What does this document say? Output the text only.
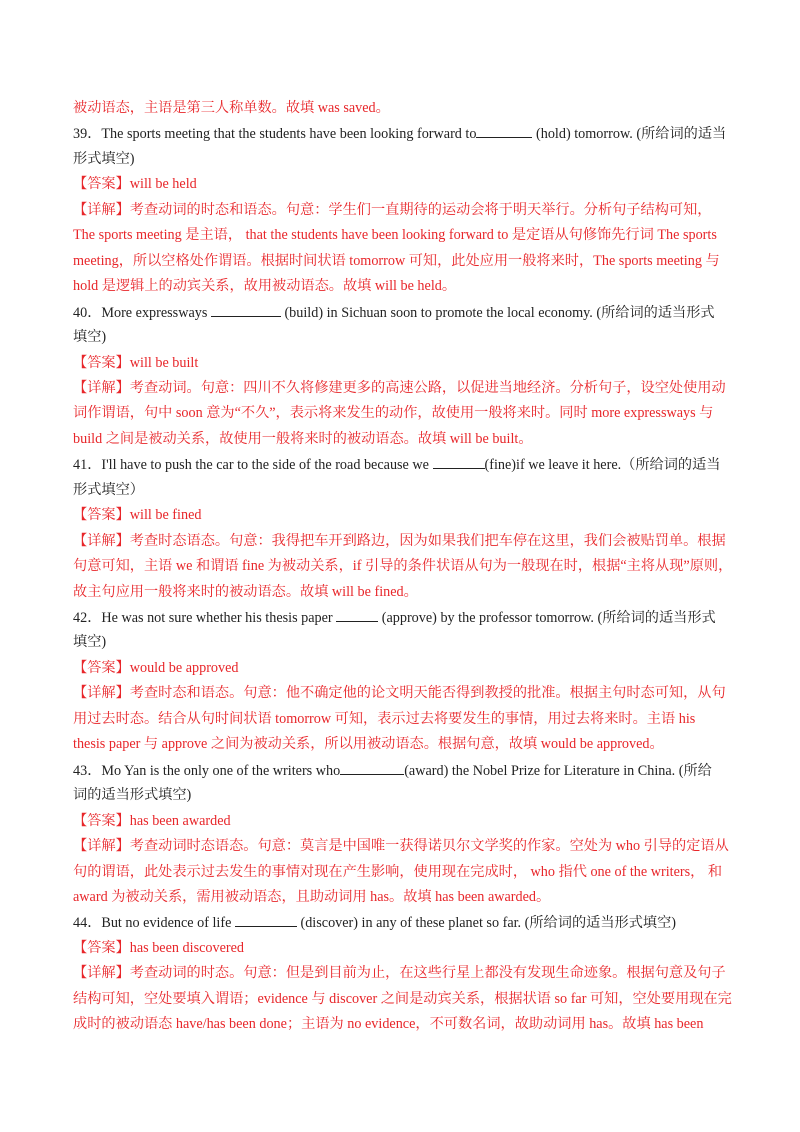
被动语态，主语是第三人称单数。故填 was saved。
39．The sports meeting that the students have been looking forward to	(hold) tomorrow. (所给词的适当
形式填空)
【答案】will be held
【详解】考查动词的时态和语态。句意：学生们一直期待的运动会将于明天举行。分析句子结构可知，
The sports meeting 是主语， that the students have been looking forward to 是定语从句修饰先行词 The sports
meeting，所以空格处作谓语。根据时间状语 tomorrow 可知，此处应用一般将来时，The sports meeting 与
hold 是逻辑上的动宾关系，故用被动语态。故填 will be held。
40．More expressways	(build) in Sichuan soon to promote the local economy. (所给词的适当形式
填空)
【答案】will be built
【详解】考查动词。句意：四川不久将修建更多的高速公路，以促进当地经济。分析句子，设空处使用动
词作谓语，句中 soon 意为“不久”，表示将来发生的动作，故使用一般将来时。同时 more expressways 与
build 之间是被动关系，故使用一般将来时的被动语态。故填 will be built。
41．I'll have to push the car to the side of the road because we	(fine)if we leave it here.（所给词的适当
形式填空）
【答案】will be fined
【详解】考查时态语态。句意：我得把车开到路边，因为如果我们把车停在这里，我们会被贴罚单。根据
句意可知，主语 we 和谓语 fine 为被动关系，if 引导的条件状语从句为一般现在时，根据“主将从现”原则，
故主句应用一般将来时的被动语态。故填 will be fined。
42．He was not sure whether his thesis paper	(approve) by the professor tomorrow. (所给词的适当形式
填空)
【答案】would be approved
【详解】考查时态和语态。句意：他不确定他的论文明天能否得到教授的批准。根据主句时态可知，从句
用过去时态。结合从句时间状语 tomorrow 可知，表示过去将要发生的事情，用过去将来时。主语 his
thesis paper 与 approve 之间为被动关系，所以用被动语态。根据句意，故填 would be approved。
43．Mo Yan is the only one of the writers who	(award) the Nobel Prize for Literature in China. (所给
词的适当形式填空)
【答案】has been awarded
【详解】考查动词时态语态。句意：莫言是中国唯一获得诺贝尔文学奖的作家。空处为 who 引导的定语从
句的谓语，此处表示过去发生的事情对现在产生影响，使用现在完成时， who 指代 one of the writers， 和
award 为被动关系，需用被动语态，且助动词用 has。故填 has been awarded。
44．But no evidence of life	(discover) in any of these planet so far. (所给词的适当形式填空)
【答案】has been discovered
【详解】考查动词的时态。句意：但是到目前为止，在这些行星上都没有发现生命迹象。根据句意及句子
结构可知，空处要填入谓语；evidence 与 discover 之间是动宾关系，根据状语 so far 可知，空处要用现在完
成时的被动语态 have/has been done；主语为 no evidence，不可数名词，故助动词用 has。故填 has been
